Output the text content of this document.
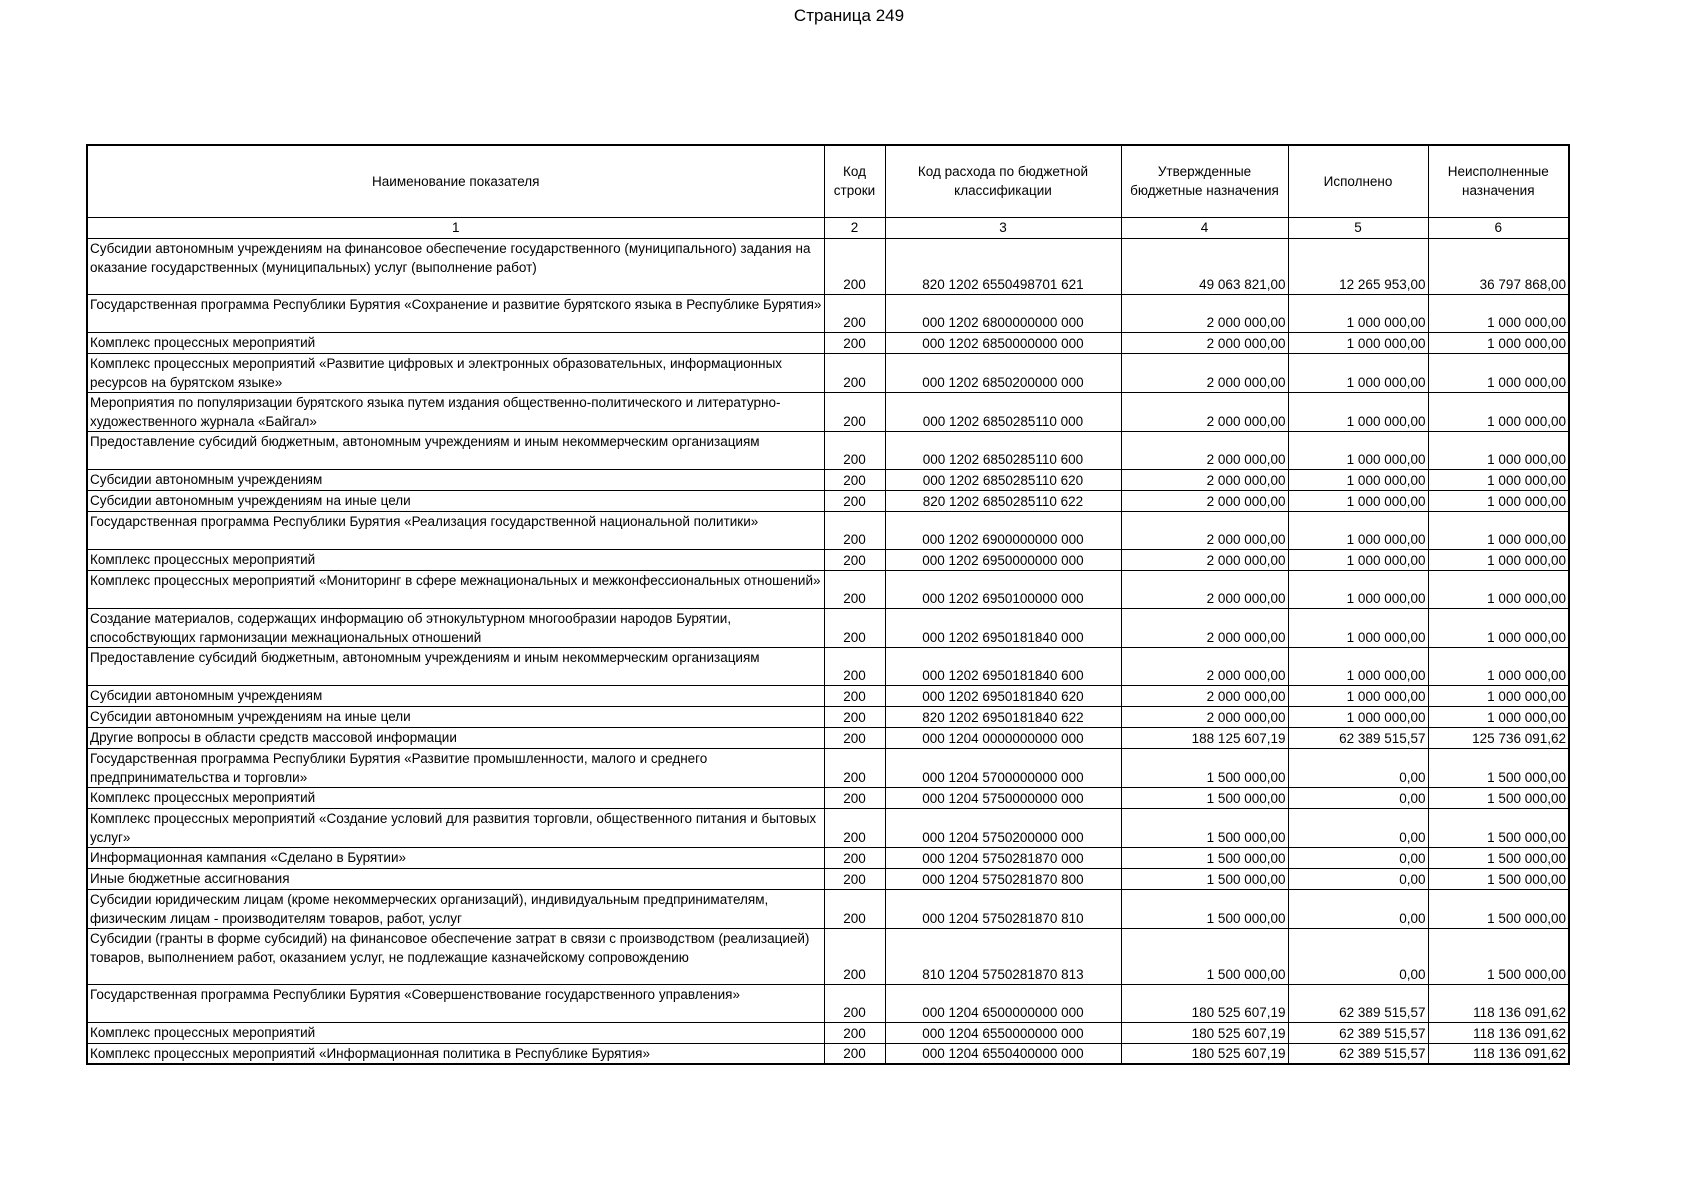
Страница 249
Наименование показателя	Код строки	Код расхода по бюджетной классификации	Утвержденные бюджетные назначения	Исполнено	Неисполненные назначения
1	2	3	4	5	6
Субсидии автономным учреждениям на финансовое обеспечение государственного (муниципального) задания на оказание государственных (муниципальных) услуг (выполнение работ)	200	820 1202 6550498701 621	49 063 821,00	12 265 953,00	36 797 868,00
Государственная программа Республики Бурятия «Сохранение и развитие бурятского языка в Республике Бурятия»	200	000 1202 6800000000 000	2 000 000,00	1 000 000,00	1 000 000,00
Комплекс процессных мероприятий	200	000 1202 6850000000 000	2 000 000,00	1 000 000,00	1 000 000,00
Комплекс процессных мероприятий «Развитие цифровых и электронных образовательных, информационных ресурсов на бурятском языке»	200	000 1202 6850200000 000	2 000 000,00	1 000 000,00	1 000 000,00
Мероприятия по популяризации бурятского языка путем издания общественно-политического и литературно-художественного журнала «Байгал»	200	000 1202 6850285110 000	2 000 000,00	1 000 000,00	1 000 000,00
Предоставление субсидий бюджетным, автономным учреждениям и иным некоммерческим организациям	200	000 1202 6850285110 600	2 000 000,00	1 000 000,00	1 000 000,00
Субсидии автономным учреждениям	200	000 1202 6850285110 620	2 000 000,00	1 000 000,00	1 000 000,00
Субсидии автономным учреждениям на иные цели	200	820 1202 6850285110 622	2 000 000,00	1 000 000,00	1 000 000,00
Государственная программа Республики Бурятия «Реализация государственной национальной политики»	200	000 1202 6900000000 000	2 000 000,00	1 000 000,00	1 000 000,00
Комплекс процессных мероприятий	200	000 1202 6950000000 000	2 000 000,00	1 000 000,00	1 000 000,00
Комплекс процессных мероприятий «Мониторинг в сфере межнациональных и межконфессиональных отношений»	200	000 1202 6950100000 000	2 000 000,00	1 000 000,00	1 000 000,00
Создание материалов, содержащих информацию об этнокультурном многообразии народов Бурятии, способствующих гармонизации межнациональных отношений	200	000 1202 6950181840 000	2 000 000,00	1 000 000,00	1 000 000,00
Предоставление субсидий бюджетным, автономным учреждениям и иным некоммерческим организациям	200	000 1202 6950181840 600	2 000 000,00	1 000 000,00	1 000 000,00
Субсидии автономным учреждениям	200	000 1202 6950181840 620	2 000 000,00	1 000 000,00	1 000 000,00
Субсидии автономным учреждениям на иные цели	200	820 1202 6950181840 622	2 000 000,00	1 000 000,00	1 000 000,00
Другие вопросы в области средств массовой информации	200	000 1204 0000000000 000	188 125 607,19	62 389 515,57	125 736 091,62
Государственная программа Республики Бурятия «Развитие промышленности, малого и среднего предпринимательства и торговли»	200	000 1204 5700000000 000	1 500 000,00	0,00	1 500 000,00
Комплекс процессных мероприятий	200	000 1204 5750000000 000	1 500 000,00	0,00	1 500 000,00
Комплекс процессных мероприятий «Создание условий для развития торговли, общественного питания и бытовых услуг»	200	000 1204 5750200000 000	1 500 000,00	0,00	1 500 000,00
Информационная кампания «Сделано в Бурятии»	200	000 1204 5750281870 000	1 500 000,00	0,00	1 500 000,00
Иные бюджетные ассигнования	200	000 1204 5750281870 800	1 500 000,00	0,00	1 500 000,00
Субсидии юридическим лицам (кроме некоммерческих организаций), индивидуальным предпринимателям, физическим лицам - производителям товаров, работ, услуг	200	000 1204 5750281870 810	1 500 000,00	0,00	1 500 000,00
Субсидии (гранты в форме субсидий) на финансовое обеспечение затрат в связи с производством (реализацией) товаров, выполнением работ, оказанием услуг, не подлежащие казначейскому сопровождению	200	810 1204 5750281870 813	1 500 000,00	0,00	1 500 000,00
Государственная программа Республики Бурятия «Совершенствование государственного управления»	200	000 1204 6500000000 000	180 525 607,19	62 389 515,57	118 136 091,62
Комплекс процессных мероприятий	200	000 1204 6550000000 000	180 525 607,19	62 389 515,57	118 136 091,62
Комплекс процессных мероприятий «Информационная политика в Республике Бурятия»	200	000 1204 6550400000 000	180 525 607,19	62 389 515,57	118 136 091,62
